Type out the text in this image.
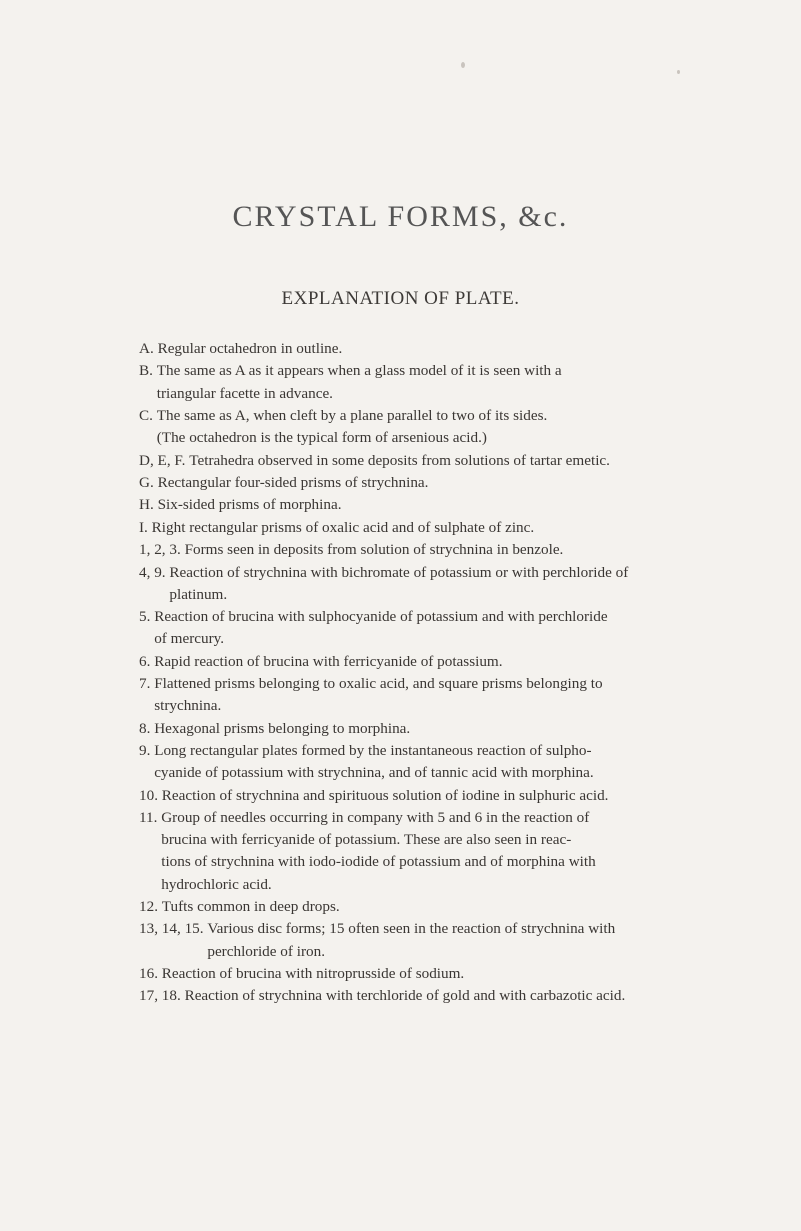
CRYSTAL FORMS, &c.
EXPLANATION OF PLATE.
A. Regular octahedron in outline.
B. The same as A as it appears when a glass model of it is seen with a
triangular facette in advance.
C. The same as A, when cleft by a plane parallel to two of its sides.
(The octahedron is the typical form of arsenious acid.)
D, E, F. Tetrahedra observed in some deposits from solutions of tartar emetic.
G. Rectangular four-sided prisms of strychnina.
H. Six-sided prisms of morphina.
I. Right rectangular prisms of oxalic acid and of sulphate of zinc.
1, 2, 3. Forms seen in deposits from solution of strychnina in benzole.
4, 9. Reaction of strychnina with bichromate of potassium or with perchloride of
platinum.
5. Reaction of brucina with sulphocyanide of potassium and with perchloride
of mercury.
6. Rapid reaction of brucina with ferricyanide of potassium.
7. Flattened prisms belonging to oxalic acid, and square prisms belonging to
strychnina.
8. Hexagonal prisms belonging to morphina.
9. Long rectangular plates formed by the instantaneous reaction of sulpho-
cyanide of potassium with strychnina, and of tannic acid with morphina.
10. Reaction of strychnina and spirituous solution of iodine in sulphuric acid.
11. Group of needles occurring in company with 5 and 6 in the reaction of
brucina with ferricyanide of potassium. These are also seen in reac-
tions of strychnina with iodo-iodide of potassium and of morphina with
hydrochloric acid.
12. Tufts common in deep drops.
13, 14, 15. Various disc forms; 15 often seen in the reaction of strychnina with
perchloride of iron.
16. Reaction of brucina with nitroprusside of sodium.
17, 18. Reaction of strychnina with terchloride of gold and with carbazotic acid.
